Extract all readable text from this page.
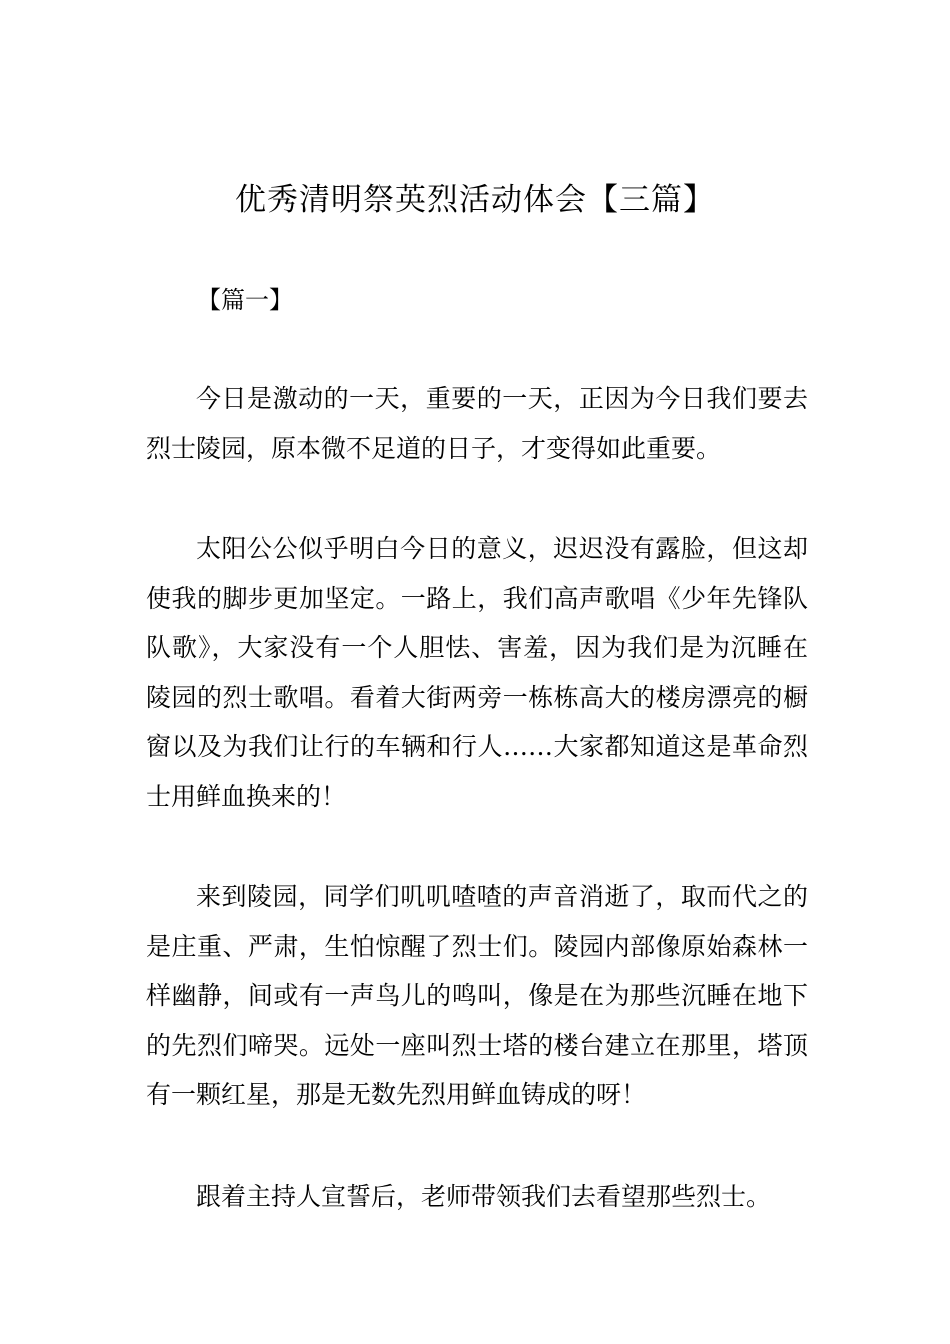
优秀清明祭英烈活动体会【三篇】
【篇一】

今日是激动的一天，重要的一天，正因为今日我们要去烈士陵园，原本微不足道的日子，才变得如此重要。

太阳公公似乎明白今日的意义，迟迟没有露脸，但这却使我的脚步更加坚定。一路上，我们高声歌唱《少年先锋队队歌》，大家没有一个人胆怯、害羞，因为我们是为沉睡在陵园的烈士歌唱。看着大街两旁一栋栋高大的楼房漂亮的橱窗以及为我们让行的车辆和行人……大家都知道这是革命烈士用鲜血换来的！

来到陵园，同学们叽叽喳喳的声音消逝了，取而代之的是庄重、严肃，生怕惊醒了烈士们。陵园内部像原始森林一样幽静，间或有一声鸟儿的鸣叫，像是在为那些沉睡在地下的先烈们啼哭。远处一座叫烈士塔的楼台建立在那里，塔顶有一颗红星，那是无数先烈用鲜血铸成的呀！

跟着主持人宣誓后，老师带领我们去看望那些烈士。
